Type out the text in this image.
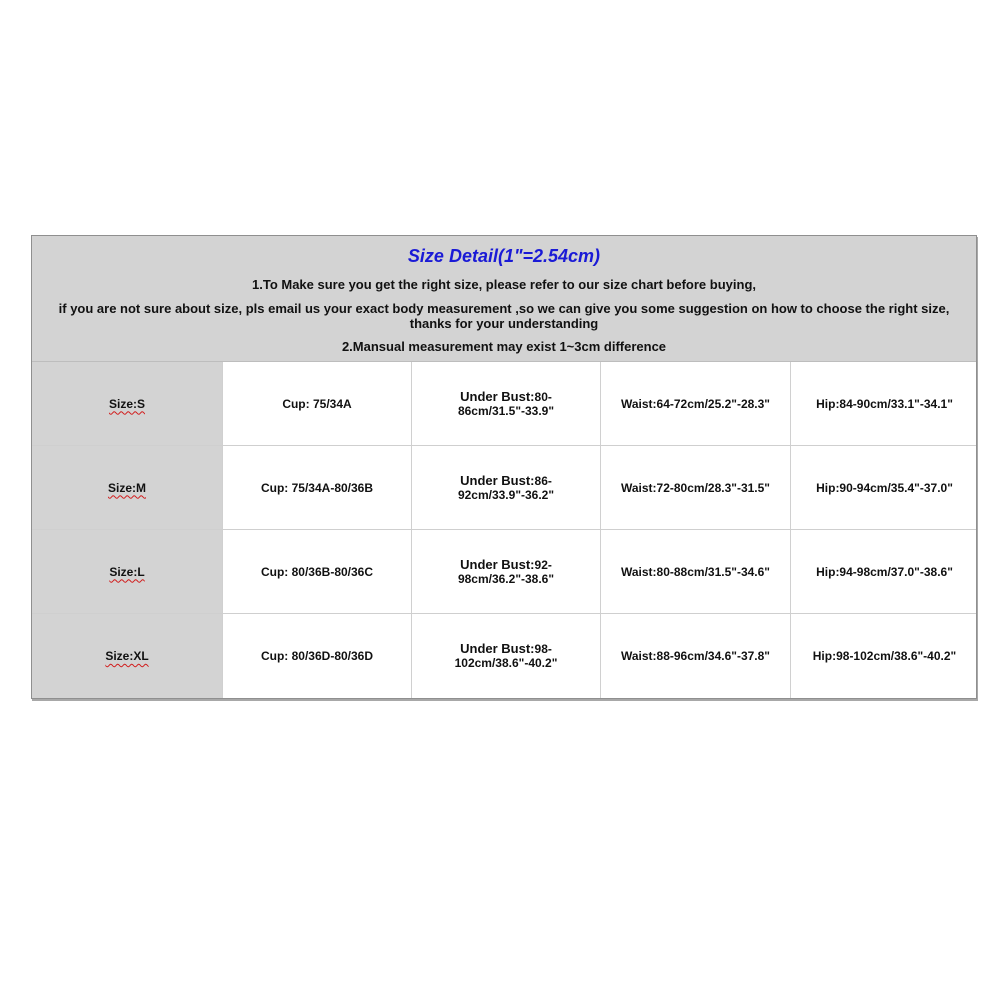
Size Detail(1"=2.54cm)
1.To Make sure you get the right size, please refer to our size chart before buying,
if you are not sure about size, pls email us your exact body measurement ,so we can give you some suggestion on how to choose the right size,
thanks for your understanding
2.Mansual measurement may exist 1~3cm difference
Size:S	Cup: 75/34A	Under Bust:80-86cm/31.5"-33.9"	Waist:64-72cm/25.2"-28.3"	Hip:84-90cm/33.1"-34.1"
Size:M	Cup: 75/34A-80/36B	Under Bust:86-92cm/33.9"-36.2"	Waist:72-80cm/28.3"-31.5"	Hip:90-94cm/35.4"-37.0"
Size:L	Cup: 80/36B-80/36C	Under Bust:92-98cm/36.2"-38.6"	Waist:80-88cm/31.5"-34.6"	Hip:94-98cm/37.0"-38.6"
Size:XL	Cup: 80/36D-80/36D	Under Bust:98-102cm/38.6"-40.2"	Waist:88-96cm/34.6"-37.8"	Hip:98-102cm/38.6"-40.2"
